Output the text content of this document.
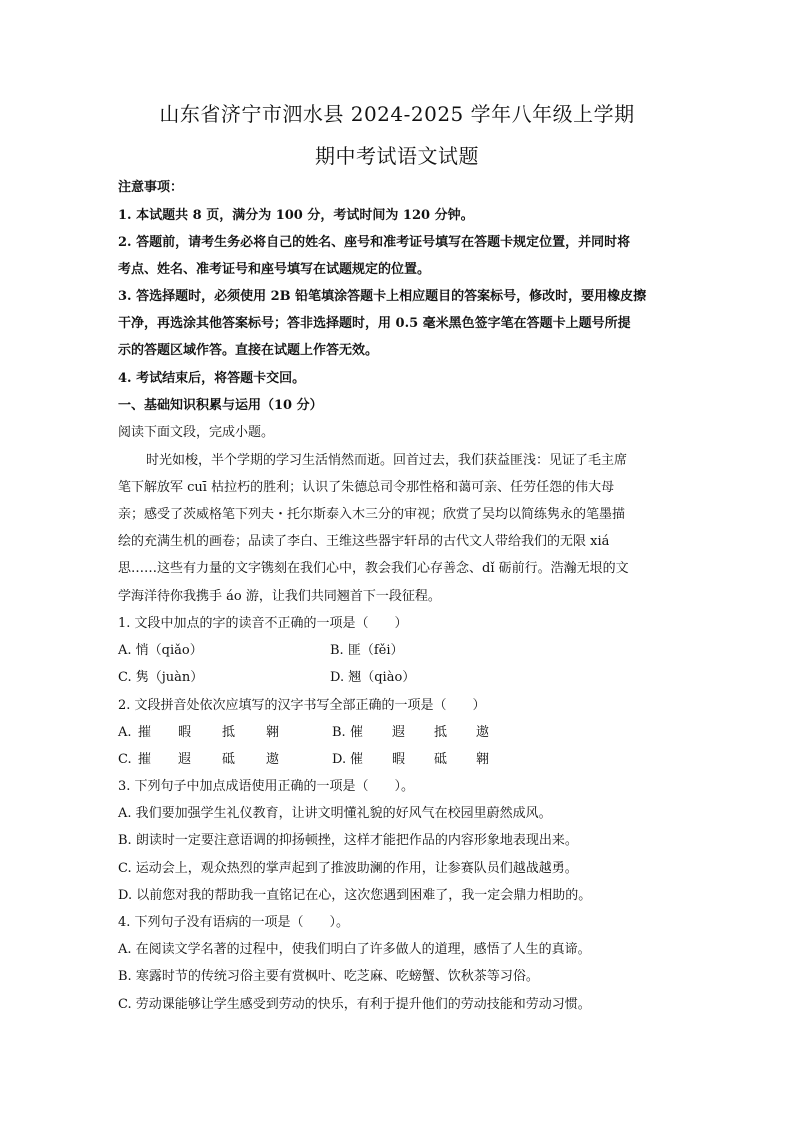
山东省济宁市泗水县 2024-2025 学年八年级上学期
期中考试语文试题
注意事项：
1. 本试题共 8 页，满分为 100 分，考试时间为 120 分钟。
2. 答题前，请考生务必将自己的姓名、座号和准考证号填写在答题卡规定位置，并同时将
考点、姓名、准考证号和座号填写在试题规定的位置。
3. 答选择题时，必须使用 2B 铅笔填涂答题卡上相应题目的答案标号，修改时，要用橡皮擦
干净，再选涂其他答案标号；答非选择题时，用 0.5 毫米黑色签字笔在答题卡上题号所提
示的答题区域作答。直接在试题上作答无效。
4. 考试结束后，将答题卡交回。
一、基础知识积累与运用（10 分）
阅读下面文段，完成小题。
时光如梭，半个学期的学习生活悄然而逝。回首过去，我们获益匪浅：见证了毛主席
笔下解放军 cuī 枯拉朽的胜利；认识了朱德总司令那性格和蔼可亲、任劳任怨的伟大母
亲；感受了茨威格笔下列夫・托尔斯泰入木三分的审视；欣赏了吴均以简练隽永的笔墨描
绘的充满生机的画卷；品读了李白、王维这些器宇轩昂的古代文人带给我们的无限 xiá
思……这些有力量的文字镌刻在我们心中，教会我们心存善念、dǐ 砺前行。浩瀚无垠的文
学海洋待你我携手 áo 游，让我们共同翘首下一段征程。
1. 文段中加点的字的读音不正确的一项是（　　）
A. 悄（qiǎo）	B. 匪（fěi）
C. 隽（juàn）	D. 翘（qiào）
2. 文段拼音处依次应填写的汉字书写全部正确的一项是（　　）
A. 摧 暇 抵 翱	B. 催 遐 抵 遨
C. 摧 遐 砥 遨	D. 催 暇 砥 翱
3. 下列句子中加点成语使用正确的一项是（　　）。
A. 我们要加强学生礼仪教育，让讲文明懂礼貌的好风气在校园里蔚然成风。
B. 朗读时一定要注意语调的抑扬顿挫，这样才能把作品的内容形象地表现出来。
C. 运动会上，观众热烈的掌声起到了推波助澜的作用，让参赛队员们越战越勇。
D. 以前您对我的帮助我一直铭记在心，这次您遇到困难了，我一定会鼎力相助的。
4. 下列句子没有语病的一项是（　　）。
A. 在阅读文学名著的过程中，使我们明白了许多做人的道理，感悟了人生的真谛。
B. 寒露时节的传统习俗主要有赏枫叶、吃芝麻、吃螃蟹、饮秋茶等习俗。
C. 劳动课能够让学生感受到劳动的快乐，有利于提升他们的劳动技能和劳动习惯。
